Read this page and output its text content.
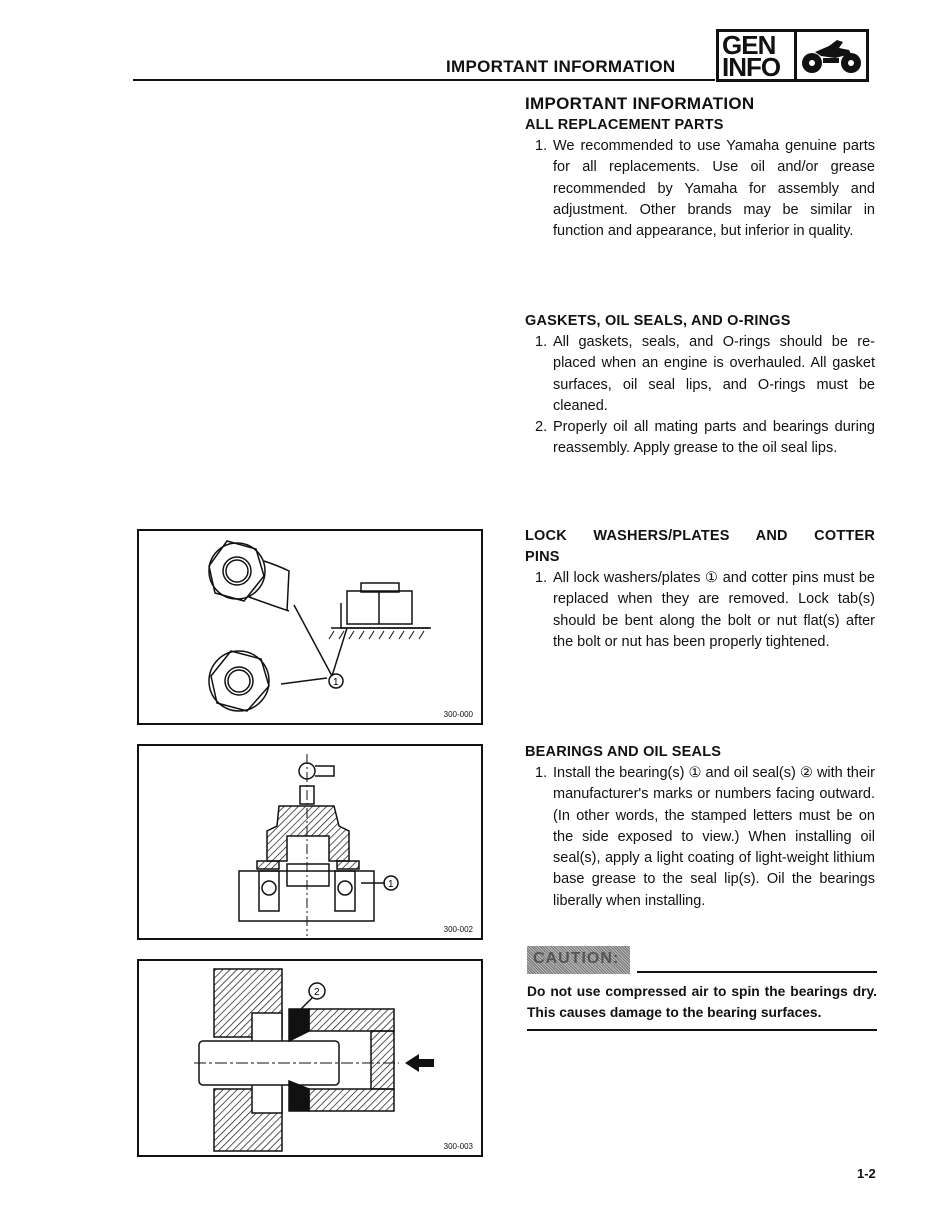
IMPORTANT INFORMATION
GEN
INFO
IMPORTANT INFORMATION
ALL REPLACEMENT PARTS
1. We recommended to use Yamaha genuine parts for all replacements. Use oil and/or grease recommended by Yamaha for assembly and adjustment. Other brands may be similar in function and appearance, but inferior in quality.
GASKETS, OIL SEALS, AND O-RINGS
1. All gaskets, seals, and O-rings should be replaced when an engine is overhauled. All gasket surfaces, oil seal lips, and O-rings must be cleaned.
2. Properly oil all mating parts and bearings during reassembly. Apply grease to the oil seal lips.
LOCK WASHERS/PLATES AND COTTER PINS
1. All lock washers/plates ① and cotter pins must be replaced when they are removed. Lock tab(s) should be bent along the bolt or nut flat(s) after the bolt or nut has been properly tightened.
BEARINGS AND OIL SEALS
1. Install the bearing(s) ① and oil seal(s) ② with their manufacturer's marks or numbers facing outward. (In other words, the stamped letters must be on the side exposed to view.) When installing oil seal(s), apply a light coating of light-weight lithium base grease to the seal lip(s). Oil the bearings liberally when installing.
CAUTION:
Do not use compressed air to spin the bearings dry. This causes damage to the bearing surfaces.
1
300-000
1
300-002
2
300-003
1-2
